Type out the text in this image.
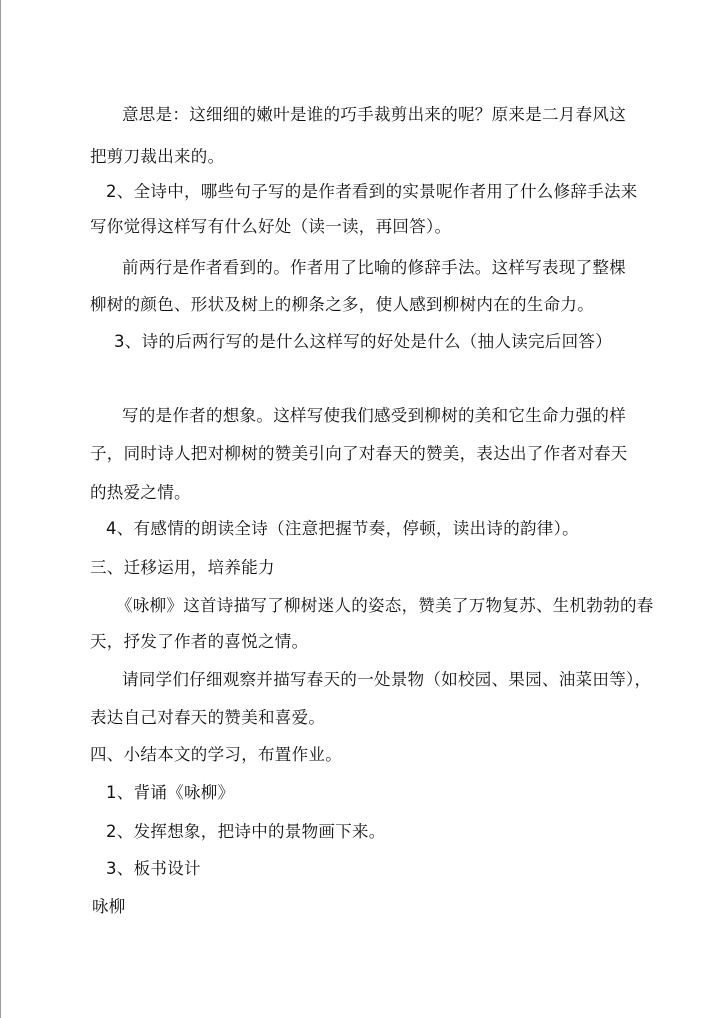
意思是：这细细的嫩叶是谁的巧手裁剪出来的呢？原来是二月春风这
把剪刀裁出来的。
2、全诗中，哪些句子写的是作者看到的实景呢作者用了什么修辞手法来
写你觉得这样写有什么好处（读一读，再回答）。
前两行是作者看到的。作者用了比喻的修辞手法。这样写表现了整棵
柳树的颜色、形状及树上的柳条之多，使人感到柳树内在的生命力。
3、诗的后两行写的是什么这样写的好处是什么（抽人读完后回答）
写的是作者的想象。这样写使我们感受到柳树的美和它生命力强的样
子，同时诗人把对柳树的赞美引向了对春天的赞美，表达出了作者对春天
的热爱之情。
4、有感情的朗读全诗（注意把握节奏，停顿，读出诗的韵律）。
三、迁移运用，培养能力
《咏柳》这首诗描写了柳树迷人的姿态，赞美了万物复苏、生机勃勃的春
天，抒发了作者的喜悦之情。
请同学们仔细观察并描写春天的一处景物（如校园、果园、油菜田等），
表达自己对春天的赞美和喜爱。
四、小结本文的学习，布置作业。
1、背诵《咏柳》
2、发挥想象，把诗中的景物画下来。
3、板书设计
咏柳
